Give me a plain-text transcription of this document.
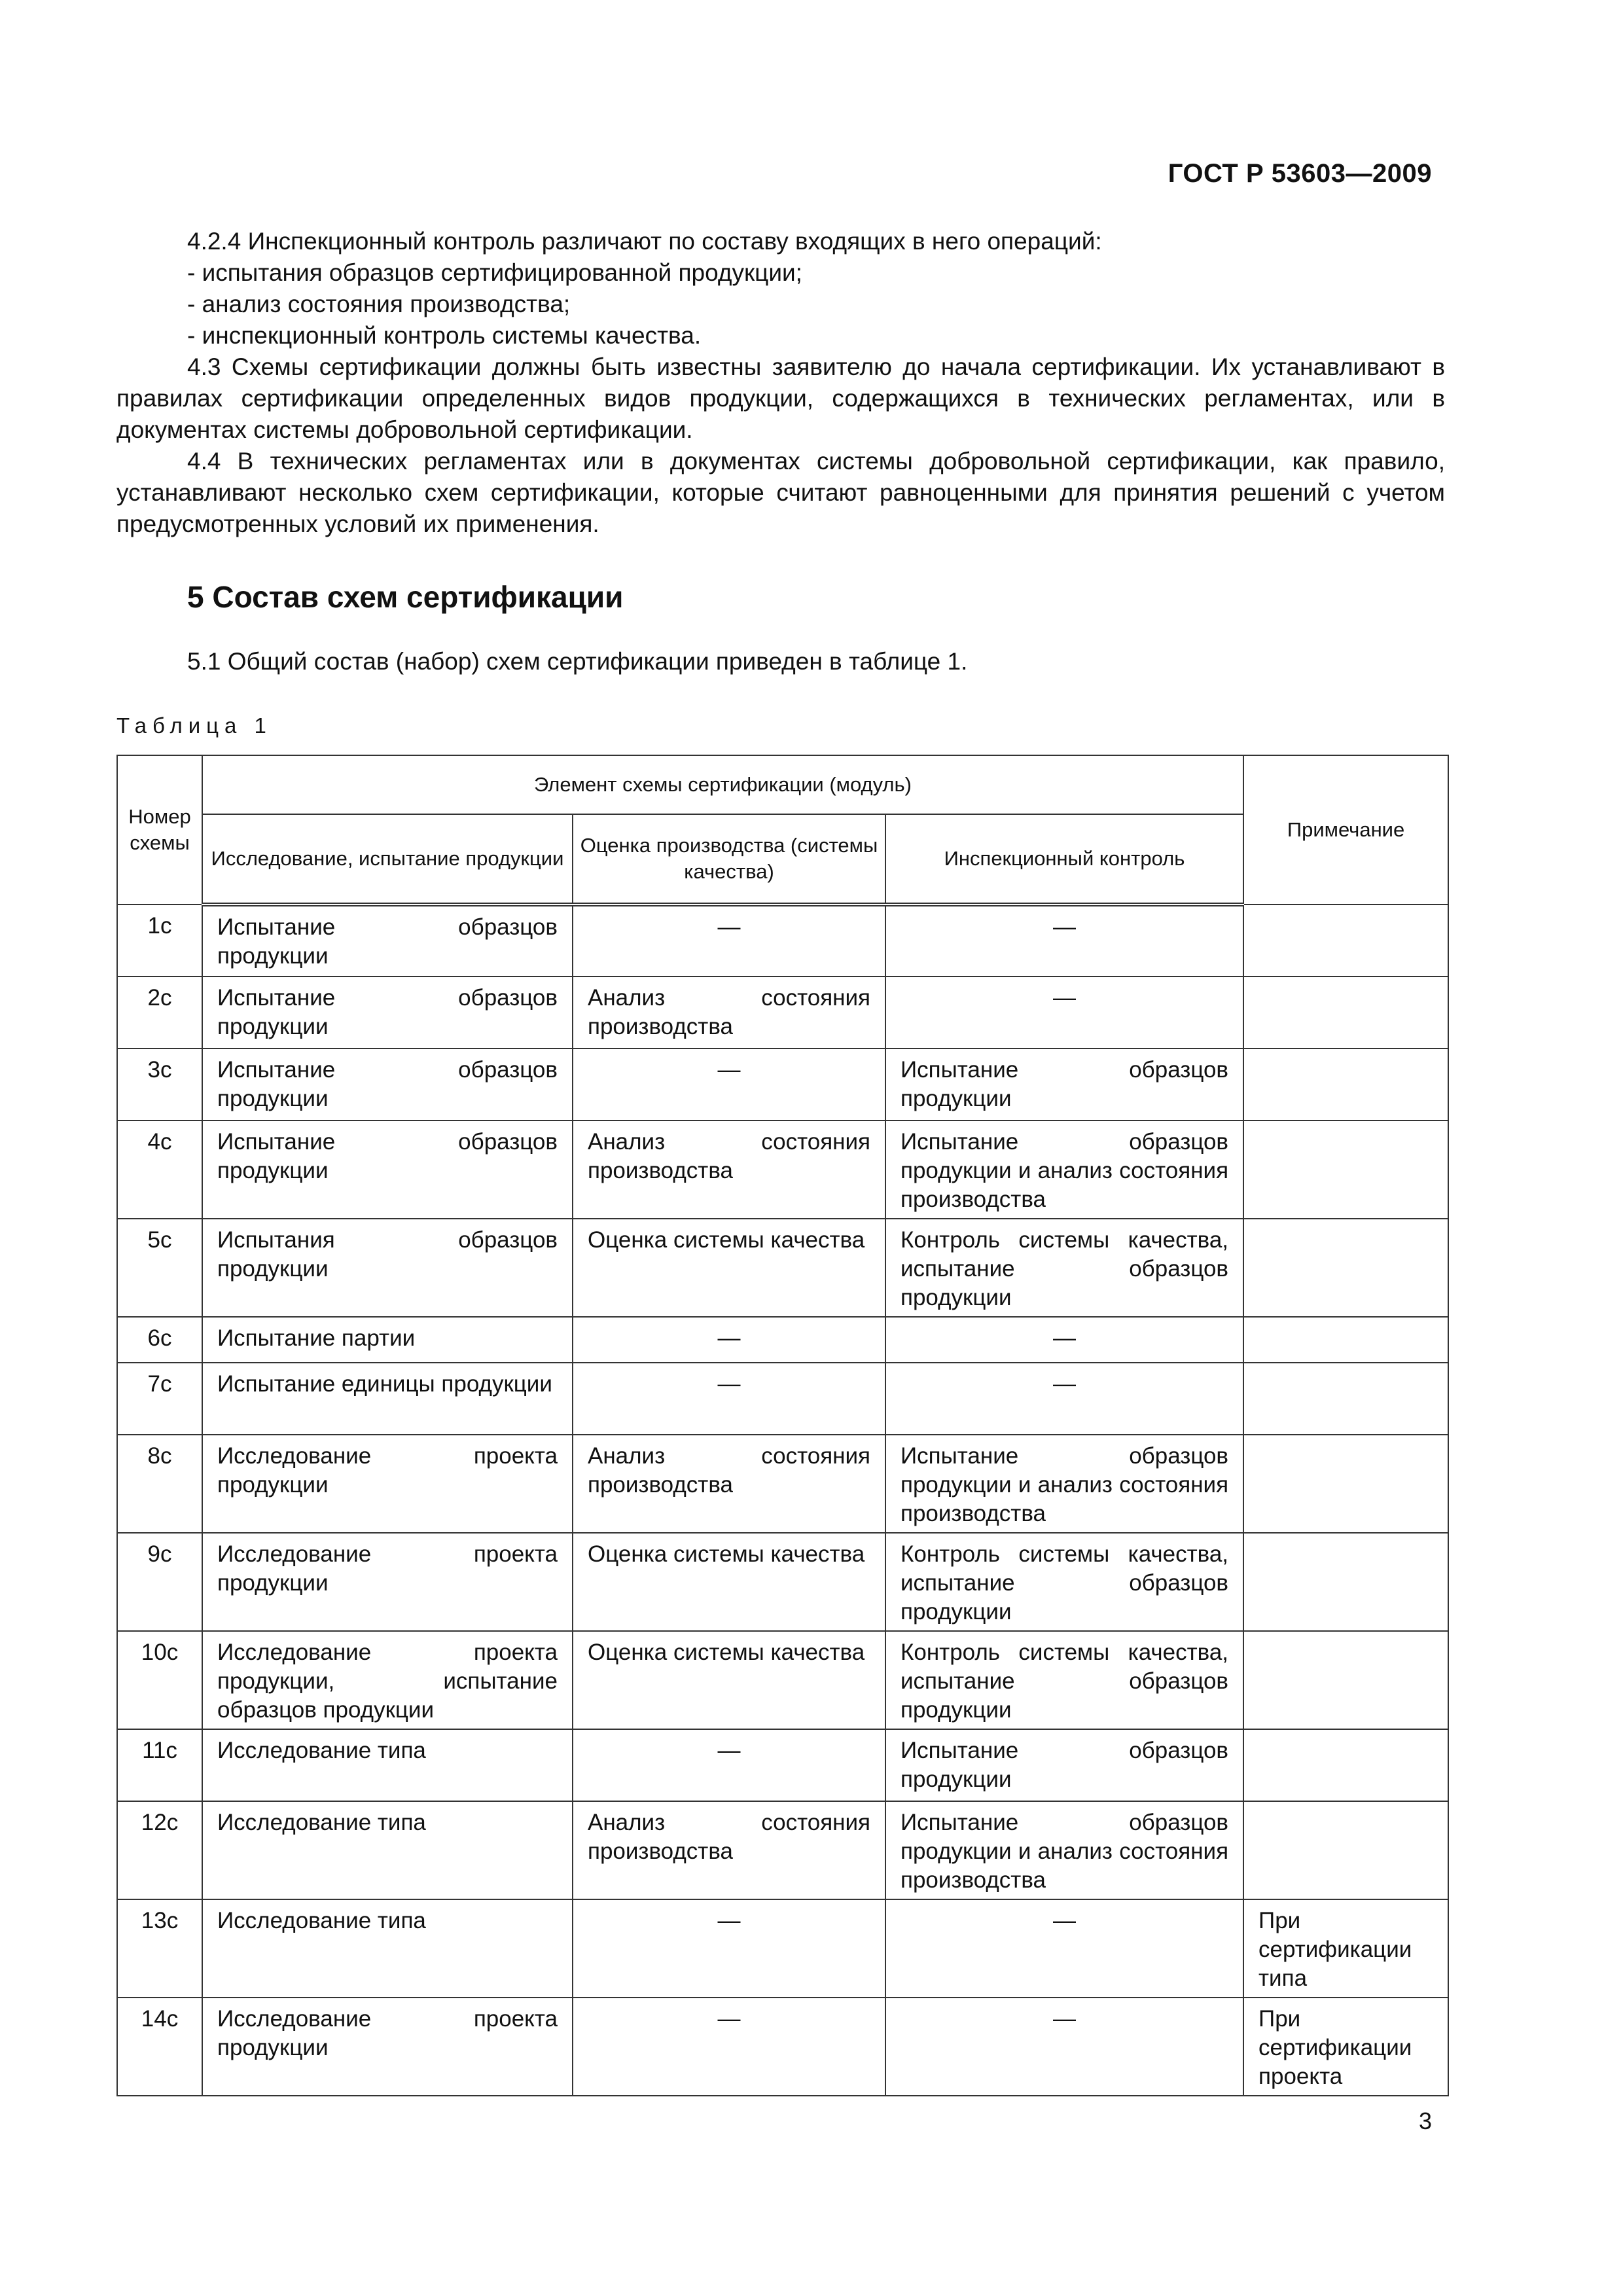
ГОСТ Р 53603—2009

4.2.4 Инспекционный контроль различают по составу входящих в него операций:

- испытания образцов сертифицированной продукции;

- анализ состояния производства;

- инспекционный контроль системы качества.

4.3 Схемы сертификации должны быть известны заявителю до начала сертификации. Их устанавливают в правилах сертификации определенных видов продукции, содержащихся в технических регламентах, или в документах системы добровольной сертификации.

4.4 В технических регламентах или в документах системы добровольной сертификации, как правило, устанавливают несколько схем сертификации, которые считают равноценными для принятия решений с учетом предусмотренных условий их применения.

5 Состав схем сертификации
5.1 Общий состав (набор) схем сертификации приведен в таблице 1.
Таблица 1
Номер схемы	Элемент схемы сертификации (модуль)			Примечание
	Исследование, испытание продукции	Оценка производства (системы качества)	Инспекционный контроль	
1с	Испытание образцов продукции	—	—	
2с	Испытание образцов продукции	Анализ состояния производства	—	
3с	Испытание образцов продукции	—	Испытание образцов продукции	
4с	Испытание образцов продукции	Анализ состояния производства	Испытание образцов продукции и анализ состояния производства	
5с	Испытания образцов продукции	Оценка системы качества	Контроль системы качества, испытание образцов продукции	
6с	Испытание партии	—	—	
7с	Испытание единицы продукции	—	—	
8с	Исследование проекта продукции	Анализ состояния производства	Испытание образцов продукции и анализ состояния производства	
9с	Исследование проекта продукции	Оценка системы качества	Контроль системы качества, испытание образцов продукции	
10с	Исследование проекта продукции, испытание образцов продукции	Оценка системы качества	Контроль системы качества, испытание образцов продукции	
11с	Исследование типа	—	Испытание образцов продукции	
12с	Исследование типа	Анализ состояния производства	Испытание образцов продукции и анализ состояния производства	
13с	Исследование типа	—	—	При сертификации типа
14с	Исследование проекта продукции	—	—	При сертификации проекта
3
